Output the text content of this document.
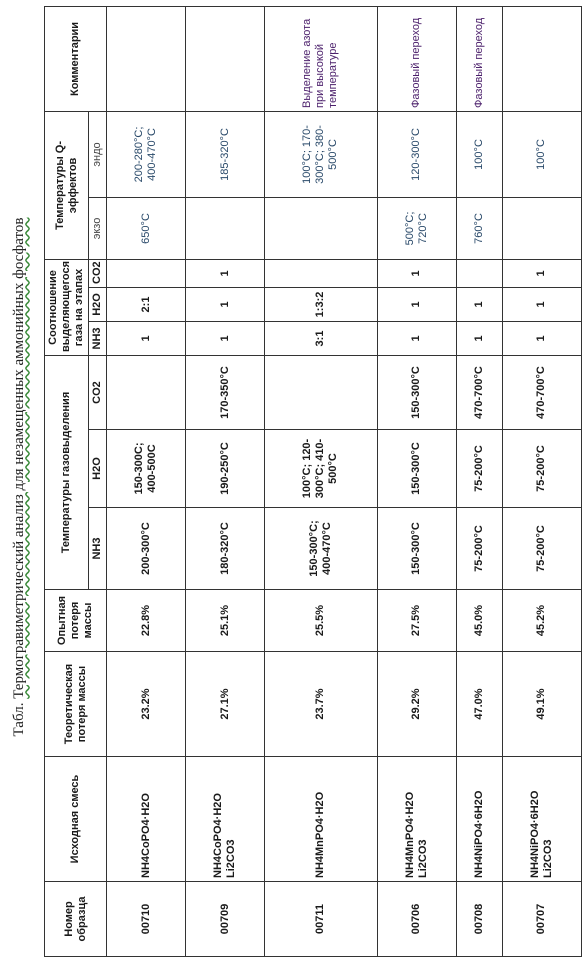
Табл.

Термогравиметрический анализ для незамещенных аммонийных фосфатов
Номер образца	Исходная смесь	Теоретическая потеря массы	Опытная потеря массы	Температуры газовыделения			Соотношение выделяющегося газа на этапах			Температуры Q-эффектов		Комментарии
				NH3	H2O	CO2	NH3	H2O	CO2	экзо	эндо	
00710	NH4CoPO4·H2O	23.2%	22.8%	200-300°C	150-300С; 400-500С		1	2:1		650°C	200-280°C; 400-470°C	
00709	NH4CoPO4·H2O Li2CO3	27.1%	25.1%	180-320°C	190-250°C	170-350°C	1	1	1		185-320°C	
00711	NH4MnPO4·H2O	23.7%	25.5%	150-300°C; 400-470°C	100°C; 120-300°C; 410-500°C		3:1	1:3:2			100°C; 170-300°C; 380-500°C	Выделение азота при высокой температуре
00706	NH4MnPO4·H2O Li2CO3	29.2%	27.5%	150-300°C	150-300°C	150-300°C	1	1	1	500°C; 720°C	120-300°C	Фазовый переход
00708	NH4NiPO4·6H2O	47.0%	45.0%	75-200°C	75-200°C	470-700°C	1	1		760°C	100°C	Фазовый переход
00707	NH4NiPO4·6H2O Li2CO3	49.1%	45.2%	75-200°C	75-200°C	470-700°C	1	1	1		100°C	
